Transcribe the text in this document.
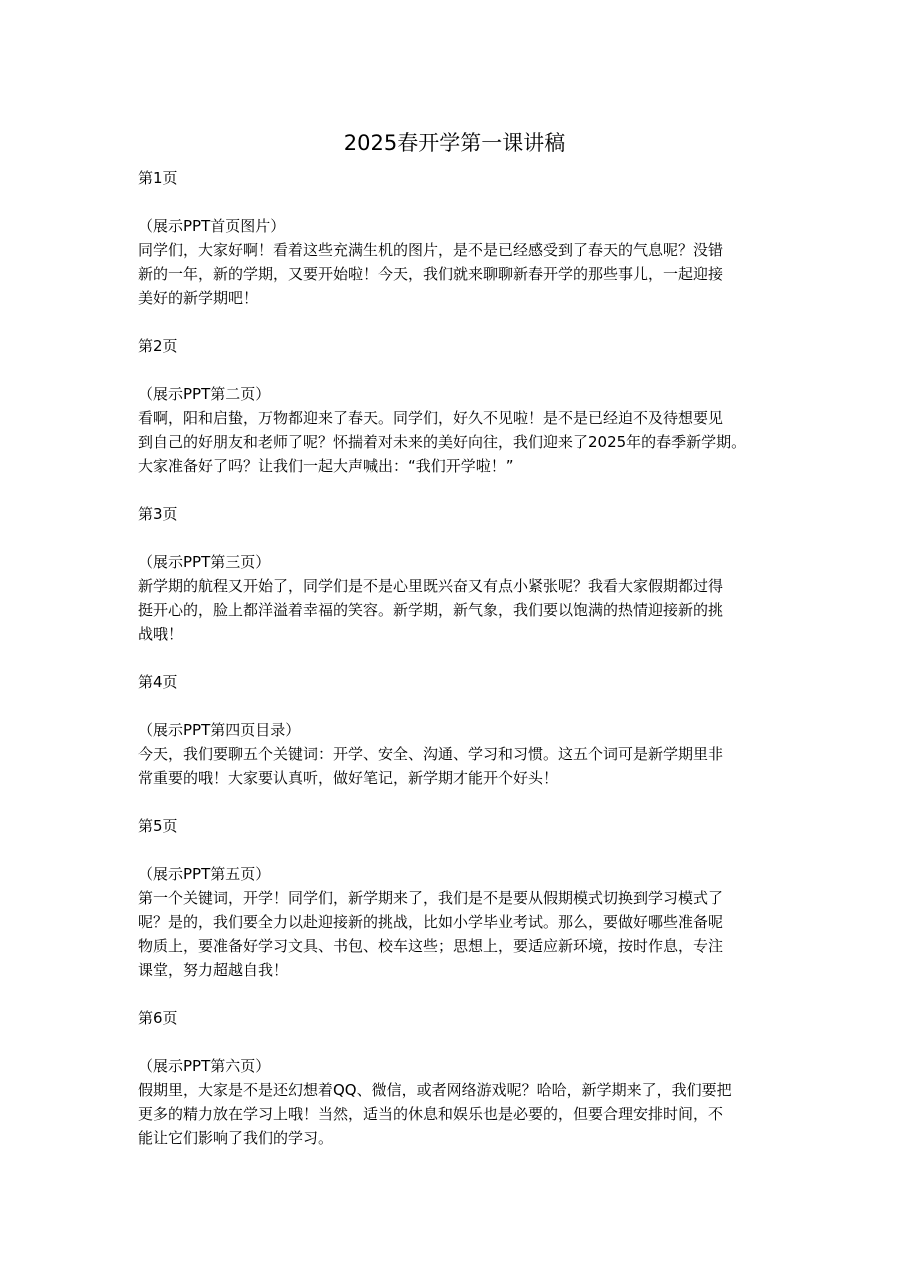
2025春开学第一课讲稿

第1页

（展示PPT首页图片）

同学们，大家好啊！看着这些充满生机的图片，是不是已经感受到了春天的气息呢？没错
新的一年，新的学期，又要开始啦！今天，我们就来聊聊新春开学的那些事儿，一起迎接
美好的新学期吧！

第2页

（展示PPT第二页）

看啊，阳和启蛰，万物都迎来了春天。同学们，好久不见啦！是不是已经迫不及待想要见
到自己的好朋友和老师了呢？怀揣着对未来的美好向往，我们迎来了2025年的春季新学期。
大家准备好了吗？让我们一起大声喊出：“我们开学啦！”

第3页

（展示PPT第三页）

新学期的航程又开始了，同学们是不是心里既兴奋又有点小紧张呢？我看大家假期都过得
挺开心的，脸上都洋溢着幸福的笑容。新学期，新气象，我们要以饱满的热情迎接新的挑
战哦！

第4页

（展示PPT第四页目录）

今天，我们要聊五个关键词：开学、安全、沟通、学习和习惯。这五个词可是新学期里非
常重要的哦！大家要认真听，做好笔记，新学期才能开个好头！

第5页

（展示PPT第五页）

第一个关键词，开学！同学们，新学期来了，我们是不是要从假期模式切换到学习模式了
呢？是的，我们要全力以赴迎接新的挑战，比如小学毕业考试。那么，要做好哪些准备呢
物质上，要准备好学习文具、书包、校车这些；思想上，要适应新环境，按时作息，专注
课堂，努力超越自我！

第6页

（展示PPT第六页）

假期里，大家是不是还幻想着QQ、微信，或者网络游戏呢？哈哈，新学期来了，我们要把
更多的精力放在学习上哦！当然，适当的休息和娱乐也是必要的，但要合理安排时间，不
能让它们影响了我们的学习。
